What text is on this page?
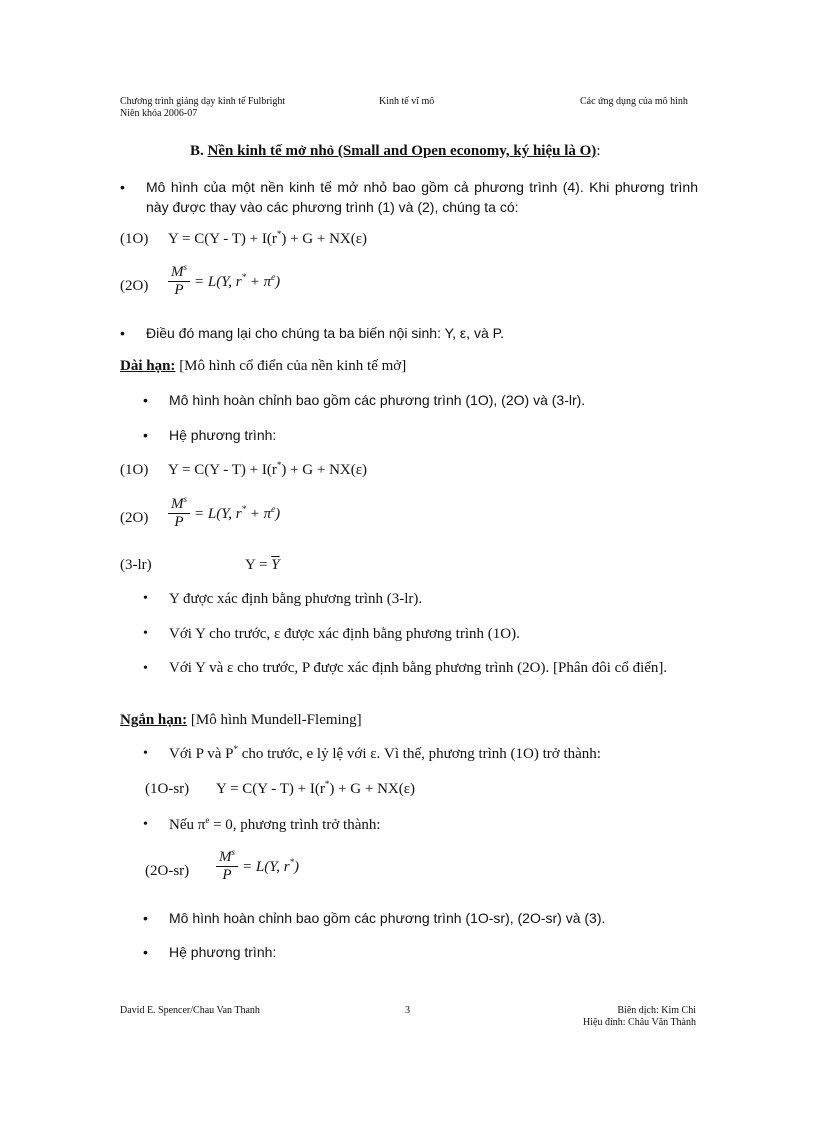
Chương trình giảng dạy kinh tế Fulbright
Niên khóa 2006-07
Kinh tế vĩ mô	Các ứng dụng của mô hình
B. Nền kinh tế mở nhỏ (Small and Open economy, ký hiệu là O):
• Mô hình của một nền kinh tế mở nhỏ bao gồm cả phương trình (4). Khi phương trình này được thay vào các phương trình (1) và (2), chúng ta có:
(1O) Y = C(Y - T) + I(r*) + G + NX(ε)
$(2O) \frac{M^s}{P} = L(Y$, $r^* + \pi^e$)
• Điều đó mang lại cho chúng ta ba biến nội sinh: Y, ε, và P.
Dài hạn: [Mô hình cổ điển của nền kinh tế mở]
• Mô hình hoàn chỉnh bao gồm các phương trình (1O), (2O) và (3-lr).
• Hệ phương trình:
(1O) Y = C(Y - T) + I(r*) + G + NX(ε)
$(2O) \frac{M^s}{P} = L(Y$, $r^* + \pi^e$)
(3-lr)	$Y = \overline{Y}$
• Y được xác định bằng phương trình (3-lr).
• Với Y cho trước, ε được xác định bằng phương trình (1O).
• Với Y và ε cho trước, P được xác định bằng phương trình (2O). [Phân đôi cổ điển].
Ngắn hạn: [Mô hình Mundell-Fleming]
• Với P và P* cho trước, e lỷ lệ với ε. Vì thế, phương trình (1O) trở thành:
(1O-sr) Y = C(Y - T) + I(r*) + G + NX(ε)
• Nếu $\pi^e = 0$, phương trình trở thành:
$(2O-sr) \frac{M^s}{P} = L(Y$, r*)
• Mô hình hoàn chỉnh bao gồm các phương trình (1O-sr), (2O-sr) và (3).
• Hệ phương trình:
David E. Spencer/Chau Van Thanh	3	Biên dịch: Kim Chi
Hiệu đính: Châu Văn Thành
